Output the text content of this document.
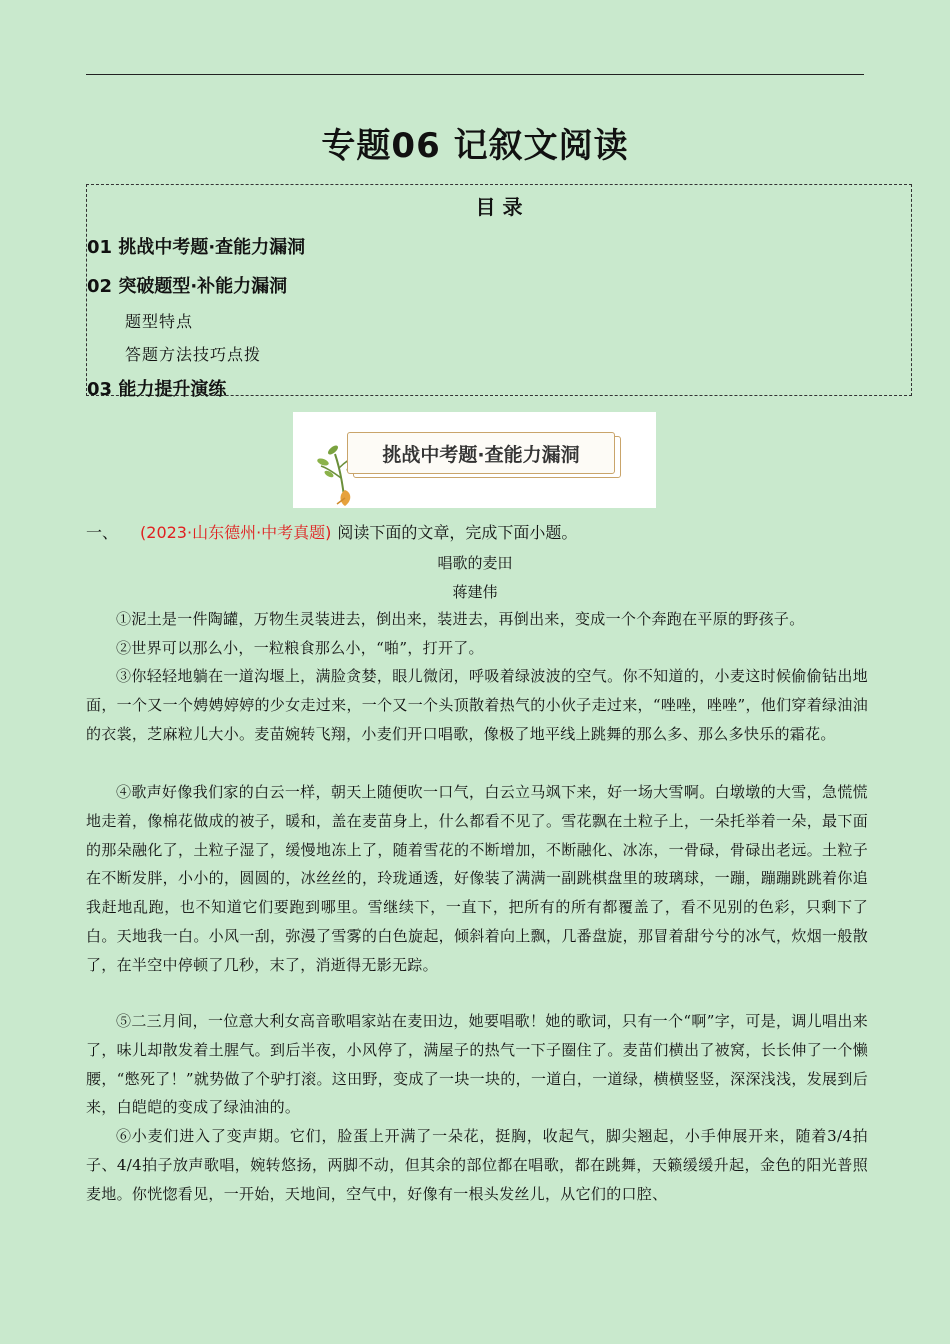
专题06 记叙文阅读
目 录
01 挑战中考题·查能力漏洞
02 突破题型·补能力漏洞
题型特点
答题方法技巧点拨
03 能力提升演练
挑战中考题·查能力漏洞
一、 (2023·山东德州·中考真题) 阅读下面的文章，完成下面小题。
唱歌的麦田
蒋建伟
①泥土是一件陶罐，万物生灵装进去，倒出来，装进去，再倒出来，变成一个个奔跑在平原的野孩子。
②世界可以那么小，一粒粮食那么小，“啪”，打开了。
③你轻轻地躺在一道沟堰上，满脸贪婪，眼儿微闭，呼吸着绿波波的空气。你不知道的，小麦这时候偷偷钻出地面，一个又一个娉娉婷婷的少女走过来，一个又一个头顶散着热气的小伙子走过来，“唑唑，唑唑”，他们穿着绿油油的衣裳，芝麻粒儿大小。麦苗婉转飞翔，小麦们开口唱歌，像极了地平线上跳舞的那么多、那么多快乐的霜花。
④歌声好像我们家的白云一样，朝天上随便吹一口气，白云立马飒下来，好一场大雪啊。白墩墩的大雪，急慌慌地走着，像棉花做成的被子，暖和，盖在麦苗身上，什么都看不见了。雪花飘在土粒子上，一朵托举着一朵，最下面的那朵融化了，土粒子湿了，缓慢地冻上了，随着雪花的不断增加，不断融化、冰冻，一骨碌，骨碌出老远。土粒子在不断发胖，小小的，圆圆的，冰丝丝的，玲珑通透，好像装了满满一副跳棋盘里的玻璃球，一蹦，蹦蹦跳跳着你追我赶地乱跑，也不知道它们要跑到哪里。雪继续下，一直下，把所有的所有都覆盖了，看不见别的色彩，只剩下了白。天地我一白。小风一刮，弥漫了雪雾的白色旋起，倾斜着向上飘，几番盘旋，那冒着甜兮兮的冰气，炊烟一般散了，在半空中停顿了几秒，末了，消逝得无影无踪。
⑤二三月间，一位意大利女高音歌唱家站在麦田边，她要唱歌！她的歌词，只有一个“啊”字，可是，调儿唱出来了，味儿却散发着土腥气。到后半夜，小风停了，满屋子的热气一下子圈住了。麦苗们横出了被窝，长长伸了一个懒腰，“憋死了！”就势做了个驴打滚。这田野，变成了一块一块的，一道白，一道绿，横横竖竖，深深浅浅，发展到后来，白皑皑的变成了绿油油的。
⑥小麦们进入了变声期。它们，脸蛋上开满了一朵花，挺胸，收起气，脚尖翘起，小手伸展开来，随着3/4拍子、4/4拍子放声歌唱，婉转悠扬，两脚不动，但其余的部位都在唱歌，都在跳舞，天籁缓缓升起，金色的阳光普照麦地。你恍惚看见，一开始，天地间，空气中，好像有一根头发丝儿，从它们的口腔、
